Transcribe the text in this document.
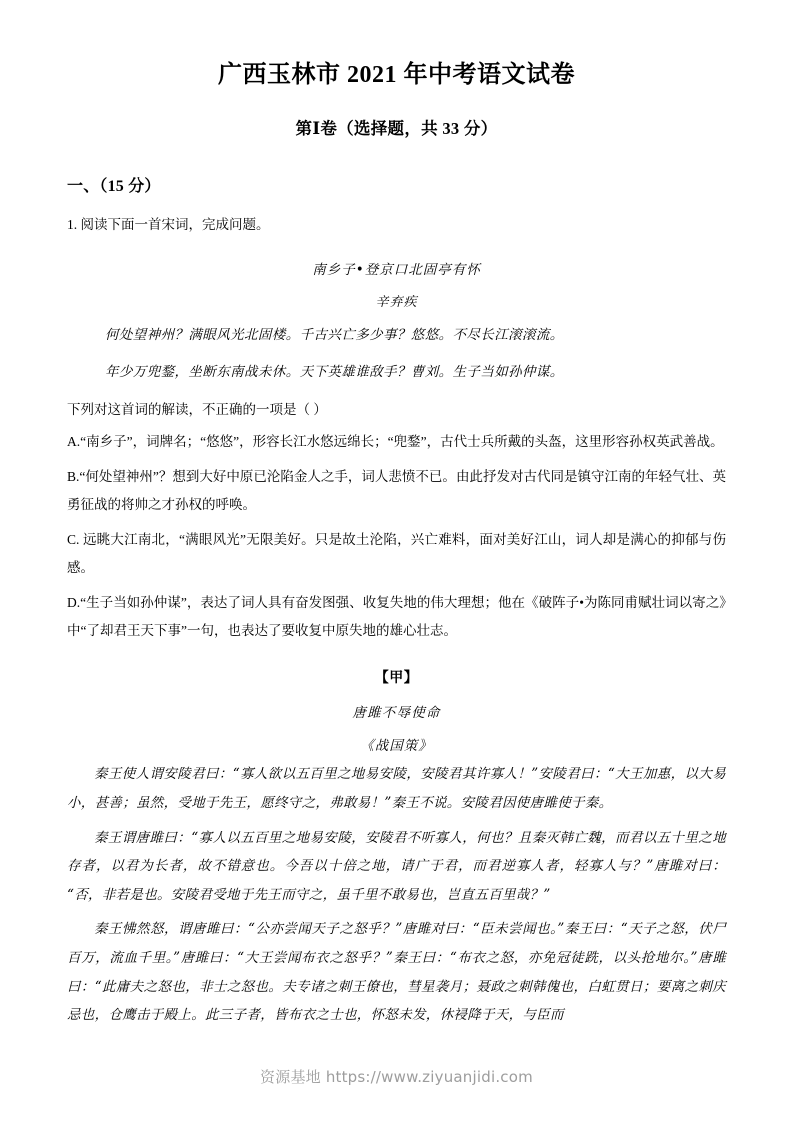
广西玉林市 2021 年中考语文试卷
第Ⅰ卷（选择题，共 33 分）
一、（15 分）
1. 阅读下面一首宋词，完成问题。
南乡子•登京口北固亭有怀
辛弃疾
何处望神州？满眼风光北固楼。千古兴亡多少事？悠悠。不尽长江滚滚流。
年少万兜鍪，坐断东南战未休。天下英雄谁敌手？曹刘。生子当如孙仲谋。
下列对这首词的解读，不正确的一项是（ ）
A.“南乡子”，词牌名；“悠悠”，形容长江水悠远绵长；“兜鍪”，古代士兵所戴的头盔，这里形容孙权英武善战。
B.“何处望神州”？想到大好中原已沦陷金人之手，词人悲愤不已。由此抒发对古代同是镇守江南的年轻气壮、英勇征战的将帅之才孙权的呼唤。
C. 远眺大江南北，“满眼风光”无限美好。只是故土沦陷，兴亡难料，面对美好江山，词人却是满心的抑郁与伤感。
D.“生子当如孙仲谋”，表达了词人具有奋发图强、收复失地的伟大理想；他在《破阵子•为陈同甫赋壮词以寄之》中“了却君王天下事”一句，也表达了要收复中原失地的雄心壮志。
【甲】
唐雎不辱使命
《战国策》
秦王使人谓安陵君曰：“寡人欲以五百里之地易安陵，安陵君其许寡人！”安陵君曰：“大王加惠，以大易小，甚善；虽然，受地于先王，愿终守之，弗敢易！”秦王不说。安陵君因使唐雎使于秦。
秦王谓唐雎曰：“寡人以五百里之地易安陵，安陵君不听寡人，何也？且秦灭韩亡魏，而君以五十里之地存者，以君为长者，故不错意也。今吾以十倍之地，请广于君，而君逆寡人者，轻寡人与？”唐雎对曰：“否，非若是也。安陵君受地于先王而守之，虽千里不敢易也，岂直五百里哉？”
秦王怫然怒，谓唐雎曰：“公亦尝闻天子之怒乎？”唐雎对曰：“臣未尝闻也。”秦王曰：“天子之怒，伏尸百万，流血千里。”唐雎曰：“大王尝闻布衣之怒乎？”秦王曰：“布衣之怒，亦免冠徒跣，以头抢地尔。”唐雎曰：“此庸夫之怒也，非士之怒也。夫专诸之刺王僚也，彗星袭月；聂政之刺韩傀也，白虹贯日；要离之刺庆忌也，仓鹰击于殿上。此三子者，皆布衣之士也，怀怒未发，休祲降于天，与臣而
资源基地 https://www.ziyuanjidi.com
